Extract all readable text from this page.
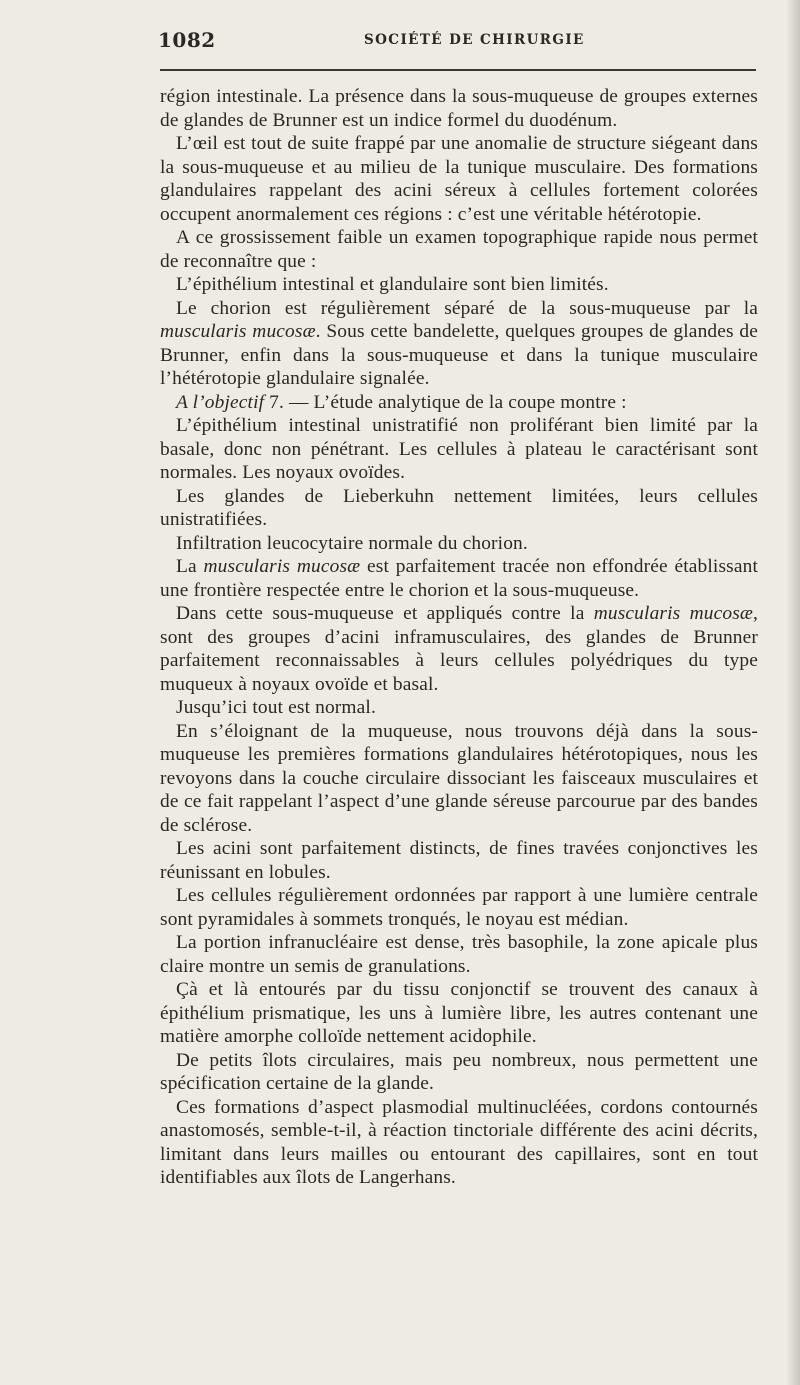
1082	SOCIÉTÉ DE CHIRURGIE

région intestinale. La présence dans la sous-muqueuse de groupes externes de glandes de Brunner est un indice formel du duodénum.

L’œil est tout de suite frappé par une anomalie de structure siégeant dans la sous-muqueuse et au milieu de la tunique musculaire. Des formations glandulaires rappelant des acini séreux à cellules fortement colorées occupent anormalement ces régions : c’est une véritable hétérotopie.

A ce grossissement faible un examen topographique rapide nous permet de reconnaître que :

L’épithélium intestinal et glandulaire sont bien limités.

Le chorion est régulièrement séparé de la sous-muqueuse par la muscularis mucosæ. Sous cette bandelette, quelques groupes de glandes de Brunner, enfin dans la sous-muqueuse et dans la tunique musculaire l’hétérotopie glandulaire signalée.

A l’objectif 7. — L’étude analytique de la coupe montre :

L’épithélium intestinal unistratifié non proliférant bien limité par la basale, donc non pénétrant. Les cellules à plateau le caractérisant sont normales. Les noyaux ovoïdes.

Les glandes de Lieberkuhn nettement limitées, leurs cellules unistratifiées.

Infiltration leucocytaire normale du chorion.

La muscularis mucosæ est parfaitement tracée non effondrée établissant une frontière respectée entre le chorion et la sous-muqueuse.

Dans cette sous-muqueuse et appliqués contre la muscularis mucosæ, sont des groupes d’acini inframusculaires, des glandes de Brunner parfaitement reconnaissables à leurs cellules polyédriques du type muqueux à noyaux ovoïde et basal.

Jusqu’ici tout est normal.

En s’éloignant de la muqueuse, nous trouvons déjà dans la sous-muqueuse les premières formations glandulaires hétérotopiques, nous les revoyons dans la couche circulaire dissociant les faisceaux musculaires et de ce fait rappelant l’aspect d’une glande séreuse parcourue par des bandes de sclérose.

Les acini sont parfaitement distincts, de fines travées conjonctives les réunissant en lobules.

Les cellules régulièrement ordonnées par rapport à une lumière centrale sont pyramidales à sommets tronqués, le noyau est médian.

La portion infranucléaire est dense, très basophile, la zone apicale plus claire montre un semis de granulations.

Çà et là entourés par du tissu conjonctif se trouvent des canaux à épithélium prismatique, les uns à lumière libre, les autres contenant une matière amorphe colloïde nettement acidophile.

De petits îlots circulaires, mais peu nombreux, nous permettent une spécification certaine de la glande.

Ces formations d’aspect plasmodial multinucléées, cordons contournés anastomosés, semble-t-il, à réaction tinctoriale différente des acini décrits, limitant dans leurs mailles ou entourant des capillaires, sont en tout identifiables aux îlots de Langerhans.
